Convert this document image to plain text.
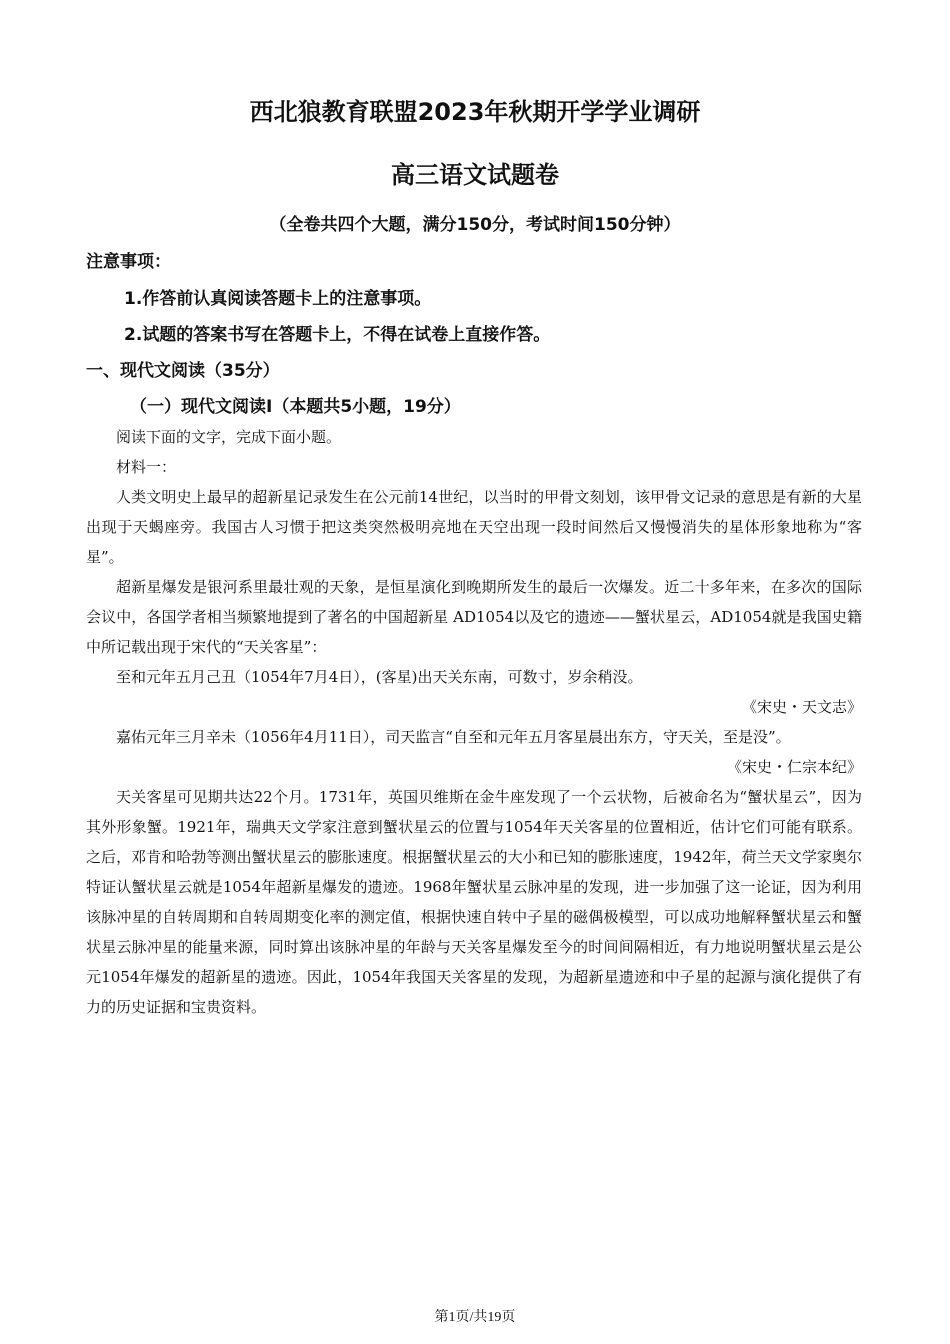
西北狼教育联盟2023年秋期开学学业调研
高三语文试题卷
（全卷共四个大题，满分150分，考试时间150分钟）
注意事项：
1.作答前认真阅读答题卡上的注意事项。
2.试题的答案书写在答题卡上，不得在试卷上直接作答。
一、现代文阅读（35分）
（一）现代文阅读Ⅰ（本题共5小题，19分）

阅读下面的文字，完成下面小题。

材料一：

人类文明史上最早的超新星记录发生在公元前14世纪，以当时的甲骨文刻划，该甲骨文记录的意思是有新的大星出现于天蝎座旁。我国古人习惯于把这类突然极明亮地在天空出现一段时间然后又慢慢消失的星体形象地称为“客星”。

超新星爆发是银河系里最壮观的天象，是恒星演化到晚期所发生的最后一次爆发。近二十多年来，在多次的国际会议中，各国学者相当频繁地提到了著名的中国超新星 AD1054以及它的遗迹——蟹状星云，AD1054就是我国史籍中所记载出现于宋代的“天关客星”：

至和元年五月己丑（1054年7月4日），(客星)出天关东南，可数寸，岁余稍没。

《宋史・天文志》

嘉佑元年三月辛未（1056年4月11日），司天监言“自至和元年五月客星晨出东方，守天关，至是没”。

《宋史・仁宗本纪》

天关客星可见期共达22个月。1731年，英国贝维斯在金牛座发现了一个云状物，后被命名为“蟹状星云”，因为其外形象蟹。1921年，瑞典天文学家注意到蟹状星云的位置与1054年天关客星的位置相近，估计它们可能有联系。之后，邓肯和哈勃等测出蟹状星云的膨胀速度。根据蟹状星云的大小和已知的膨胀速度，1942年，荷兰天文学家奥尔特证认蟹状星云就是1054年超新星爆发的遗迹。1968年蟹状星云脉冲星的发现，进一步加强了这一论证，因为利用该脉冲星的自转周期和自转周期变化率的测定值，根据快速自转中子星的磁偶极模型，可以成功地解释蟹状星云和蟹状星云脉冲星的能量来源，同时算出该脉冲星的年龄与天关客星爆发至今的时间间隔相近，有力地说明蟹状星云是公元1054年爆发的超新星的遗迹。因此，1054年我国天关客星的发现，为超新星遗迹和中子星的起源与演化提供了有力的历史证据和宝贵资料。

第1页/共19页
